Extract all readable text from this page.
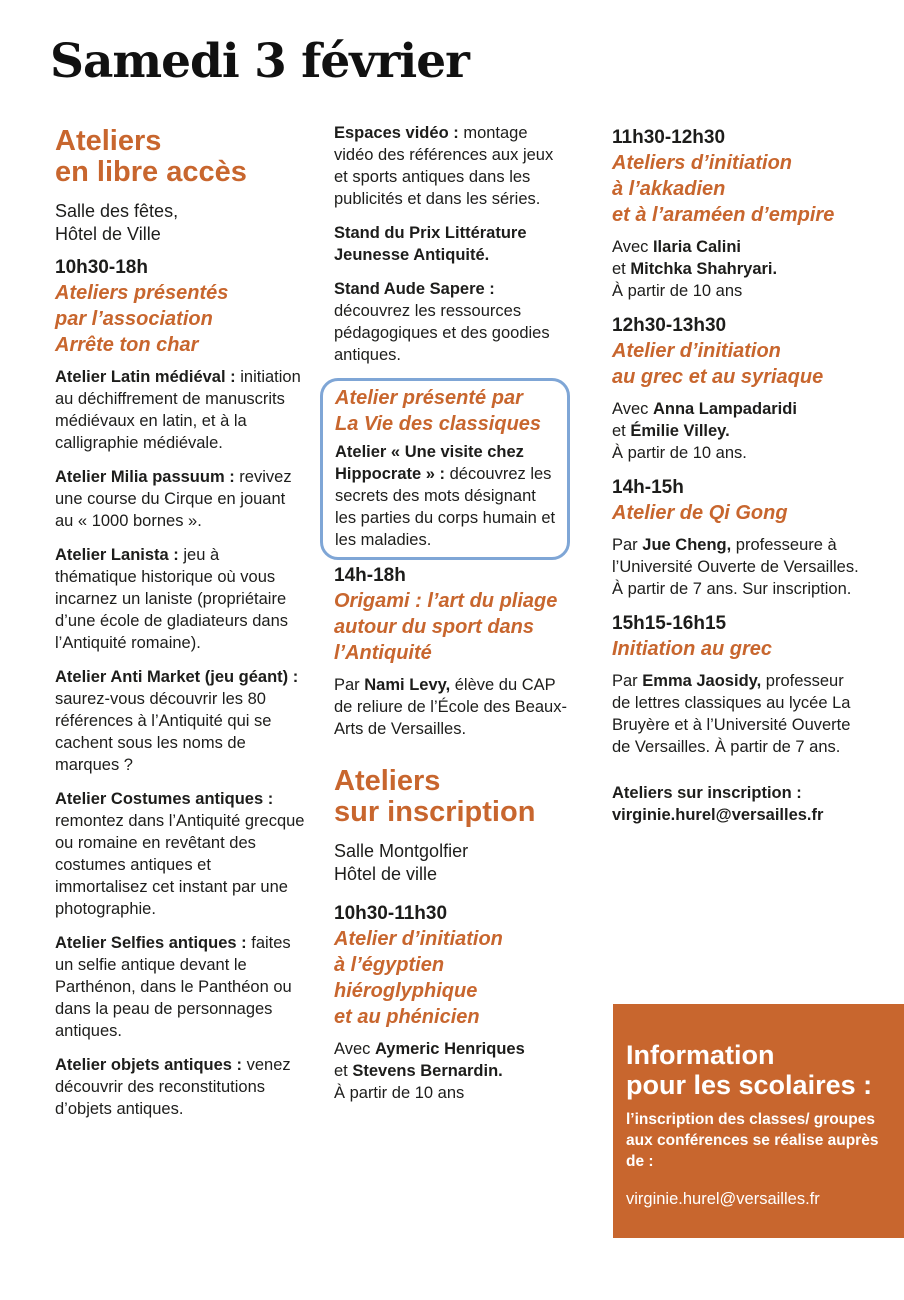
Samedi 3 février
Ateliers
en libre accès
Salle des fêtes,
Hôtel de Ville
10h30-18h
Ateliers présentés
par l’association
Arrête ton char
Atelier Latin médiéval : initiation au déchiffrement de manuscrits médiévaux en latin, et à la calligraphie médiévale.
Atelier Milia passuum : revivez une course du Cirque en jouant au « 1000 bornes ».
Atelier Lanista : jeu à thématique historique où vous incarnez un laniste (propriétaire d’une école de gladiateurs dans l’Antiquité romaine).
Atelier Anti Market (jeu géant) : saurez-vous découvrir les 80 références à l’Antiquité qui se cachent sous les noms de marques ?
Atelier Costumes antiques : remontez dans l’Antiquité grecque ou romaine en revêtant des costumes antiques et immortalisez cet instant par une photographie.
Atelier Selfies antiques : faites un selfie antique devant le Parthénon, dans le Panthéon ou dans la peau de personnages antiques.
Atelier objets antiques : venez découvrir des reconstitutions d’objets antiques.
Espaces vidéo : montage vidéo des références aux jeux et sports antiques dans les publicités et dans les séries.
Stand du Prix Littérature Jeunesse Antiquité.
Stand Aude Sapere : découvrez les ressources pédagogiques et des goodies antiques.
Atelier présenté par
La Vie des classiques
Atelier « Une visite chez Hippocrate » : découvrez les secrets des mots désignant les parties du corps humain et les maladies.
14h-18h
Origami : l’art du pliage autour du sport dans l’Antiquité
Par Nami Levy, élève du CAP de reliure de l’École des Beaux-Arts de Versailles.
Ateliers
sur inscription
Salle Montgolfier
Hôtel de ville
10h30-11h30
Atelier d’initiation
à l’égyptien
hiéroglyphique
et au phénicien
Avec Aymeric Henriques
et Stevens Bernardin.
À partir de 10 ans
11h30-12h30
Ateliers d’initiation
à l’akkadien
et à l’araméen d’empire
Avec Ilaria Calini
et Mitchka Shahryari.
À partir de 10 ans
12h30-13h30
Atelier d’initiation
au grec et au syriaque
Avec Anna Lampadaridi
et Émilie Villey.
À partir de 10 ans.
14h-15h
Atelier de Qi Gong
Par Jue Cheng, professeure à l’Université Ouverte de Versailles. À partir de 7 ans. Sur inscription.
15h15-16h15
Initiation au grec
Par Emma Jaosidy, professeur de lettres classiques au lycée La Bruyère et à l’Université Ouverte de Versailles. À partir de 7 ans.
Ateliers sur inscription :
virginie.hurel@versailles.fr
Information
pour les scolaires :
l’inscription des classes/ groupes aux conférences se réalise auprès de :
virginie.hurel@versailles.fr
